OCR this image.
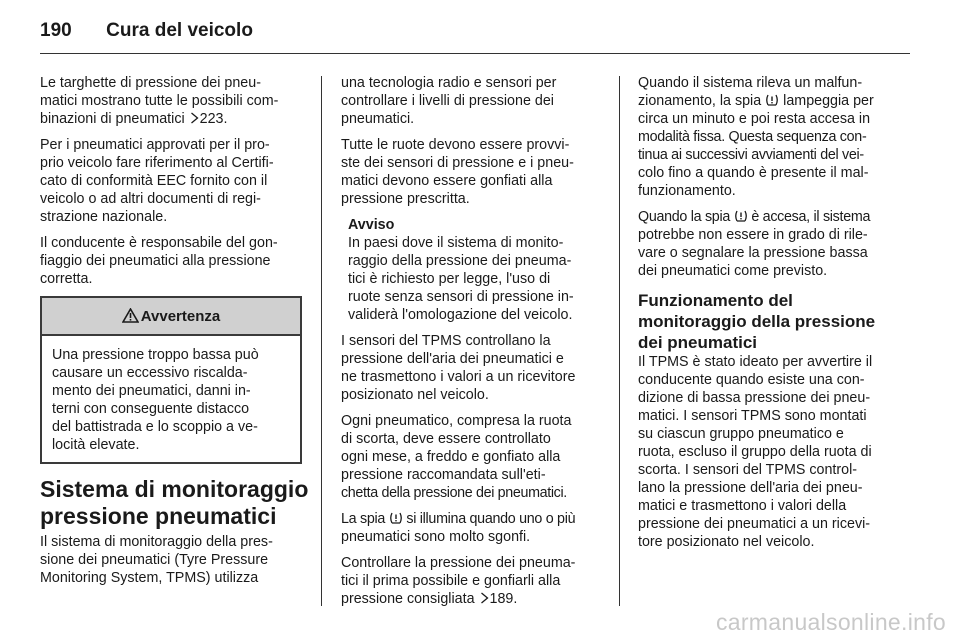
190 Cura del veicolo

Le targhette di pressione dei pneu-
matici mostrano tutte le possibili com-
binazioni di pneumatici 223.

Per i pneumatici approvati per il pro-
prio veicolo fare riferimento al Certifi-
cato di conformità EEC fornito con il
veicolo o ad altri documenti di regi-
strazione nazionale.

Il conducente è responsabile del gon-
fiaggio dei pneumatici alla pressione
corretta.

Avvertenza
Una pressione troppo bassa può
causare un eccessivo riscalda-
mento dei pneumatici, danni in-
terni con conseguente distacco
del battistrada e lo scoppio a ve-
locità elevate.
Sistema di monitoraggio
pressione pneumatici

Il sistema di monitoraggio della pres-
sione dei pneumatici (Tyre Pressure
Monitoring System, TPMS) utilizza

una tecnologia radio e sensori per
controllare i livelli di pressione dei
pneumatici.

Tutte le ruote devono essere provvi-
ste dei sensori di pressione e i pneu-
matici devono essere gonfiati alla
pressione prescritta.

Avviso
In paesi dove il sistema di monito-
raggio della pressione dei pneuma-
tici è richiesto per legge, l'uso di
ruote senza sensori di pressione in-
validerà l'omologazione del veicolo.

I sensori del TPMS controllano la
pressione dell'aria dei pneumatici e
ne trasmettono i valori a un ricevitore
posizionato nel veicolo.

Ogni pneumatico, compresa la ruota
di scorta, deve essere controllato
ogni mese, a freddo e gonfiato alla
pressione raccomandata sull'eti-
chetta della pressione dei pneumatici.

La spia si illumina quando uno o più
pneumatici sono molto sgonfi.

Controllare la pressione dei pneuma-
tici il prima possibile e gonfiarli alla
pressione consigliata 189.

Quando il sistema rileva un malfun-
zionamento, la spia lampeggia per
circa un minuto e poi resta accesa in
modalità fissa. Questa sequenza con-
tinua ai successivi avviamenti del vei-
colo fino a quando è presente il mal-
funzionamento.

Quando la spia è accesa, il sistema
potrebbe non essere in grado di rile-
vare o segnalare la pressione bassa
dei pneumatici come previsto.

Funzionamento del
monitoraggio della pressione
dei pneumatici

Il TPMS è stato ideato per avvertire il
conducente quando esiste una con-
dizione di bassa pressione dei pneu-
matici. I sensori TPMS sono montati
su ciascun gruppo pneumatico e
ruota, escluso il gruppo della ruota di
scorta. I sensori del TPMS control-
lano la pressione dell'aria dei pneu-
matici e trasmettono i valori della
pressione dei pneumatici a un ricevi-
tore posizionato nel veicolo.

carmanualsonline.info
